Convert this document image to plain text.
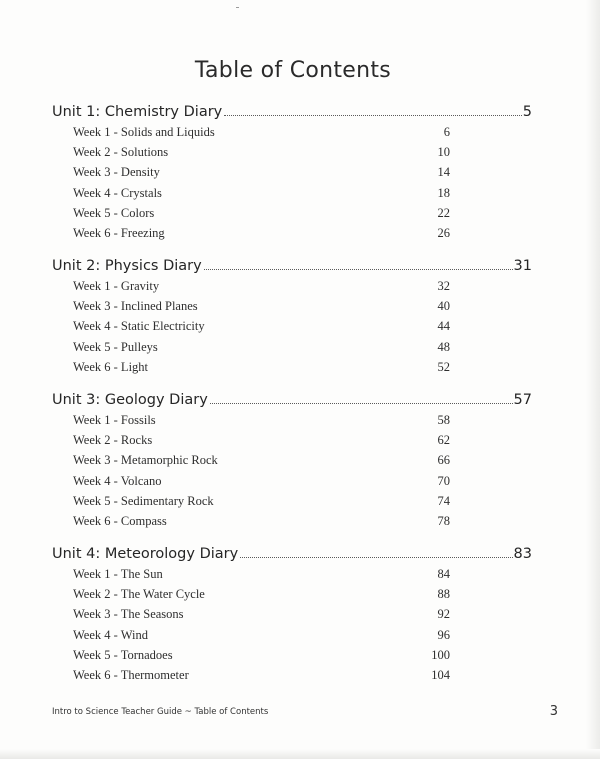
Table of Contents
Unit 1: Chemistry Diary	5
Week 1 - Solids and Liquids	6
Week 2 - Solutions	10
Week 3 - Density	14
Week 4 - Crystals	18
Week 5 - Colors	22
Week 6 - Freezing	26
Unit 2: Physics Diary	31
Week 1 - Gravity	32
Week 3 - Inclined Planes	40
Week 4 - Static Electricity	44
Week 5 - Pulleys	48
Week 6 - Light	52
Unit 3: Geology Diary	57
Week 1 - Fossils	58
Week 2 - Rocks	62
Week 3 - Metamorphic Rock	66
Week 4 - Volcano	70
Week 5 - Sedimentary Rock	74
Week 6 - Compass	78
Unit 4: Meteorology Diary	83
Week 1 - The Sun	84
Week 2 - The Water Cycle	88
Week 3 - The Seasons	92
Week 4 - Wind	96
Week 5 - Tornadoes	100
Week 6 - Thermometer	104
Intro to Science Teacher Guide ~ Table of Contents	3
